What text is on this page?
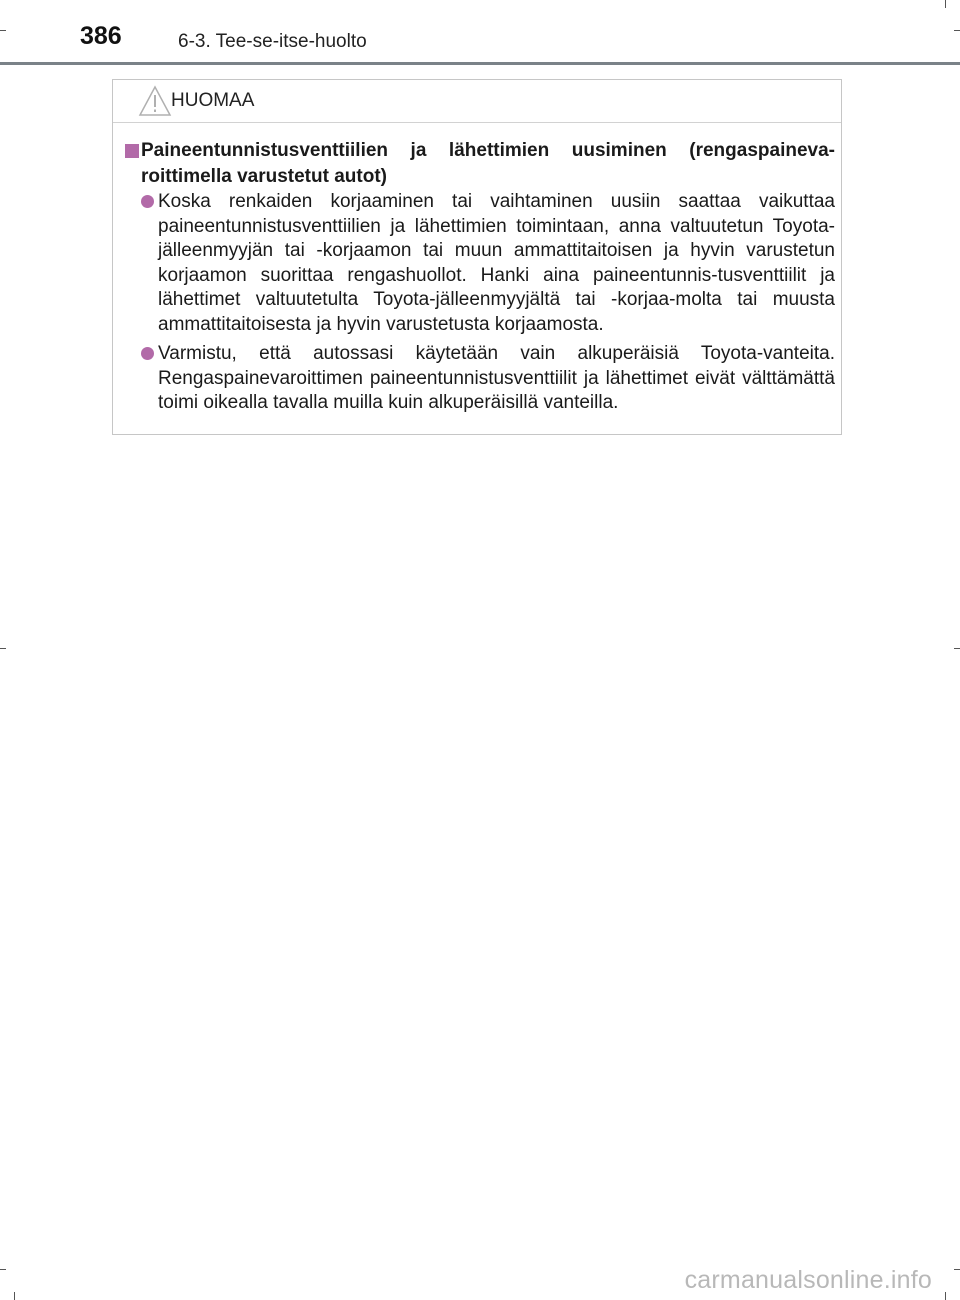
386	6-3. Tee-se-itse-huolto
HUOMAA
Paineentunnistusventtiilien ja lähettimien uusiminen (rengaspaineva-roittimella varustetut autot)
Koska renkaiden korjaaminen tai vaihtaminen uusiin saattaa vaikuttaa paineentunnistusventtiilien ja lähettimien toimintaan, anna valtuutetun Toyota-jälleenmyyjän tai -korjaamon tai muun ammattitaitoisen ja hyvin varustetun korjaamon suorittaa rengashuollot. Hanki aina paineentunnis-tusventtiilit ja lähettimet valtuutetulta Toyota-jälleenmyyjältä tai -korjaa-molta tai muusta ammattitaitoisesta ja hyvin varustetusta korjaamosta.
Varmistu, että autossasi käytetään vain alkuperäisiä Toyota-vanteita. Rengaspainevaroittimen paineentunnistusventtiilit ja lähettimet eivät välttämättä toimi oikealla tavalla muilla kuin alkuperäisillä vanteilla.
carmanualsonline.info
